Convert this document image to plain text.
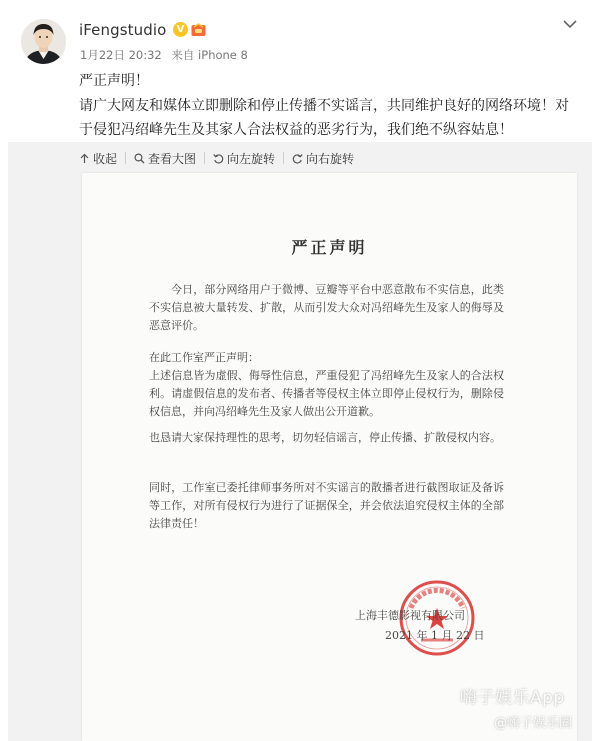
iFengstudio	V
1月22日 20:32 来自 iPhone 8
严正声明！
请广大网友和媒体立即删除和停止传播不实谣言，共同维护良好的网络环境！对于侵犯冯绍峰先生及其家人合法权益的恶劣行为，我们绝不纵容姑息！
收起	查看大图	向左旋转	向右旋转
严正声明
今日，部分网络用户于微博、豆瓣等平台中恶意散布不实信息，此类不实信息被大量转发、扩散，从而引发大众对冯绍峰先生及家人的侮辱及恶意评价。
在此工作室严正声明：
上述信息皆为虚假、侮辱性信息，严重侵犯了冯绍峰先生及家人的合法权利。请虚假信息的发布者、传播者等侵权主体立即停止侵权行为，删除侵权信息，并向冯绍峰先生及家人做出公开道歉。
也恳请大家保持理性的思考，切勿轻信谣言，停止传播、扩散侵权内容。
同时，工作室已委托律师事务所对不实谣言的散播者进行截图取证及备诉等工作，对所有侵权行为进行了证据保全，并会依法追究侵权主体的全部法律责任！
上海丰德影视有限公司
2021 年 1 月 22 日
嗨子娱乐App
@嗨子娱乐圈
